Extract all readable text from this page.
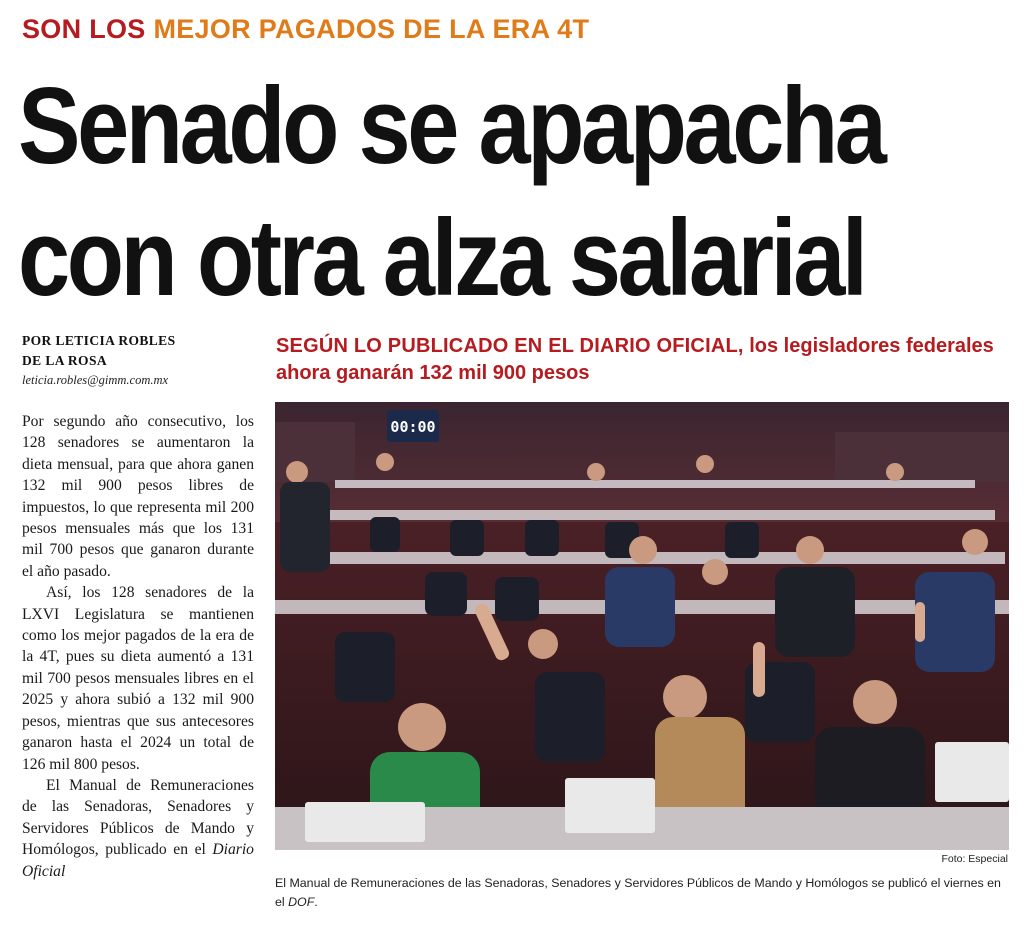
SON LOS MEJOR PAGADOS DE LA ERA 4T
Senado se apapacha
con otra alza salarial
POR LETICIA ROBLES
DE LA ROSA
leticia.robles@gimm.com.mx

Por segundo año consecutivo, los 128 senadores se aumentaron la dieta mensual, para que ahora ganen 132 mil 900 pesos libres de impuestos, lo que representa mil 200 pesos mensuales más que los 131 mil 700 pesos que ganaron durante el año pasado.

Así, los 128 senadores de la LXVI Legislatura se mantienen como los mejor pagados de la era de la 4T, pues su dieta aumentó a 131 mil 700 pesos mensuales libres en el 2025 y ahora subió a 132 mil 900 pesos, mientras que sus antecesores ganaron hasta el 2024 un total de 126 mil 800 pesos.

El Manual de Remuneraciones de las Senadoras, Senadores y Servidores Públicos de Mando y Homólogos, publicado en el Diario Oficial

SEGÚN LO PUBLICADO EN EL DIARIO OFICIAL, los legisladores federales ahora ganarán 132 mil 900 pesos
00:00
Foto: Especial
El Manual de Remuneraciones de las Senadoras, Senadores y Servidores Públicos de Mando y Homólogos se publicó el viernes en el DOF.
